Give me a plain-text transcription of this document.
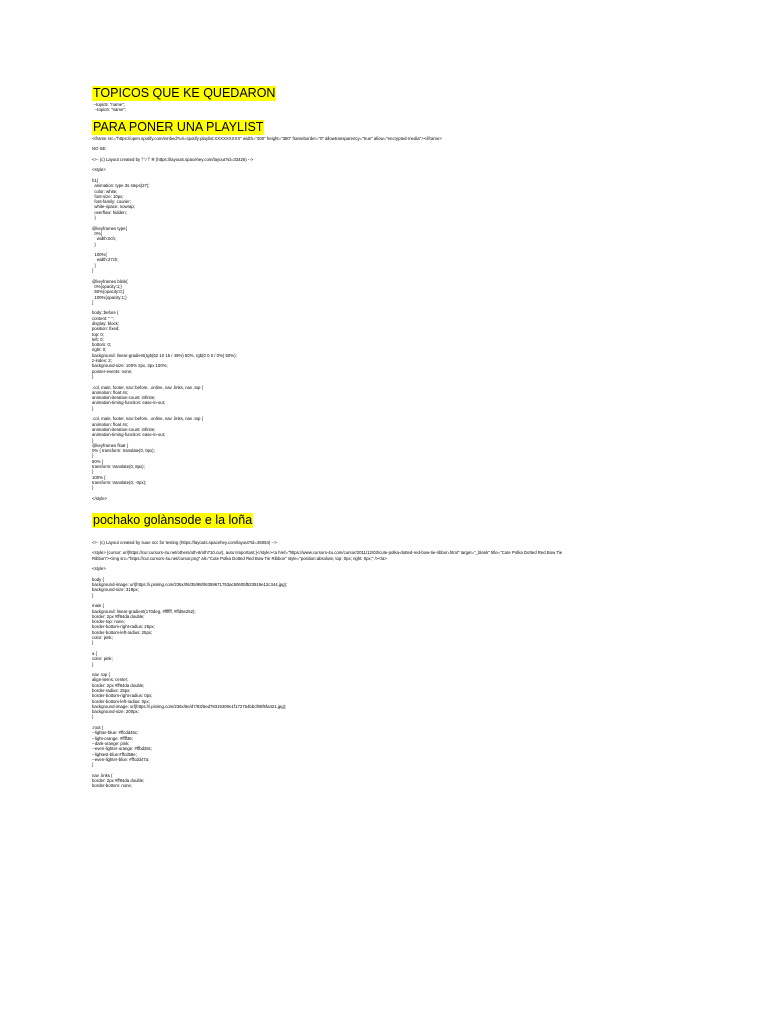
TOPICOS QUE KE QUEDARON
--topic5: "name";
--topic6: "name";
PARA PONER UNA PLAYLIST
<iframe src="https://open.spotify.com/embed?uri=spotify:playlist:XXXXXXXXX" width="300" height="380" frameborder="0" allowtransparency="true" allow="encrypted-media"></iframe>

NO SE:

<!-- (c) Layout created by ﾃ∀ﾃ ✲ (https://layouts.spacehey.com/layout?id=33426) -->

<style>

h1{
animation: type 3s steps(27);
color: white;
font-size: 10px;
font-family: courier;
white-space: nowrap;
overflow: hidden;
}

@keyframes type{
0%{
width:0ch;
}

100%{
width:27ch;
}
}

@keyframes blink{
0%{opacity:1;}
50%{opacity:0;}
100%{opacity:1;}
}

body::before {
content: " ";
display: block;
position: fixed;
top: 0;
left: 0;
bottom: 0;
right: 0;
background: linear-gradient(rgb(62 10 15 / 48%) 50%, rgb(0 0 0 / 0%) 50%);
z-index: 2;
background-size: 100% 2px, 3px 100%;
pointer-events: none;
}

.col, main, footer, nav::before, .online, nav .links, nav .top {
animation: float 4s;
animation-iteration-count: infinite;
animation-timing-function: ease-in-out;
}

.col, main, footer, nav::before, .online, nav .links, nav .top {
animation: float 4s;
animation-iteration-count: infinite;
animation-timing-function: ease-in-out;
}
@keyframes float {
0% { transform: translate(0, 0px);
}
50% {
transform: translate(0, 8px);
}
100% {
transform: translate(0, -0px);
}

</style>
pochako golànsode e la loña

<!-- (c) Layout created by suue scc for testing (https://layouts.spacehey.com/layout?id=36054) -->

<style> {cursor: url(https://cur.cursors-4u.net/others/oth-8/oth710.cur), auto !important;}</style><a href="https://www.cursors-4u.com/cursor/2011/12/03/cute-polka-dotted-red-bow-tie-ribbon.html" target="_blank" title="Cute Polka Dotted Red Bow Tie
Ribbon"><img src="https://cur.cursors-4u.net/cursor.png" alt="Cute Polka Dotted Red Bow Tie Ribbon" style="position:absolute; top: 0px; right: 0px;" /></a>

<style>

body {
background-image: url(https://i.pinimg.com/236x/06/35/98/06359671753ac50605f533919e12c344.jpg);
background-size: 318px;
}

main {
background: linear-gradient(170deg, #ffffff, #ffd5e252);
border: 2px #ff94da double;
border-top: none;
border-bottom-right-radius: 25px;
border-bottom-left-radius: 25px;
color: pink;
}

a {
color: pink;
}

nav .top {
align-items: center;
border: 2px #ff94da double;
border-radius: 25px;
border-bottom-right-radius: 0px;
border-bottom-left-radius: 0px;
background-image: url(https://i.pinimg.com/236x/5e/d7/83/5ed78319300e1f172754bbcf80f6fa421.jpg);
background-size: 200px;
}

:root {
--lighter-blue: #ffcdd45c;
--light-orange: #ffff36;
--dark-orange: pink;
--even-lighter-orange: #ffbd28c;
--lightest-blue:#ffcd58e;
--even-lighter-blue: #ffcdd47a;
}

nav .links {
border: 2px #ff94da double;
border-bottom: none;
